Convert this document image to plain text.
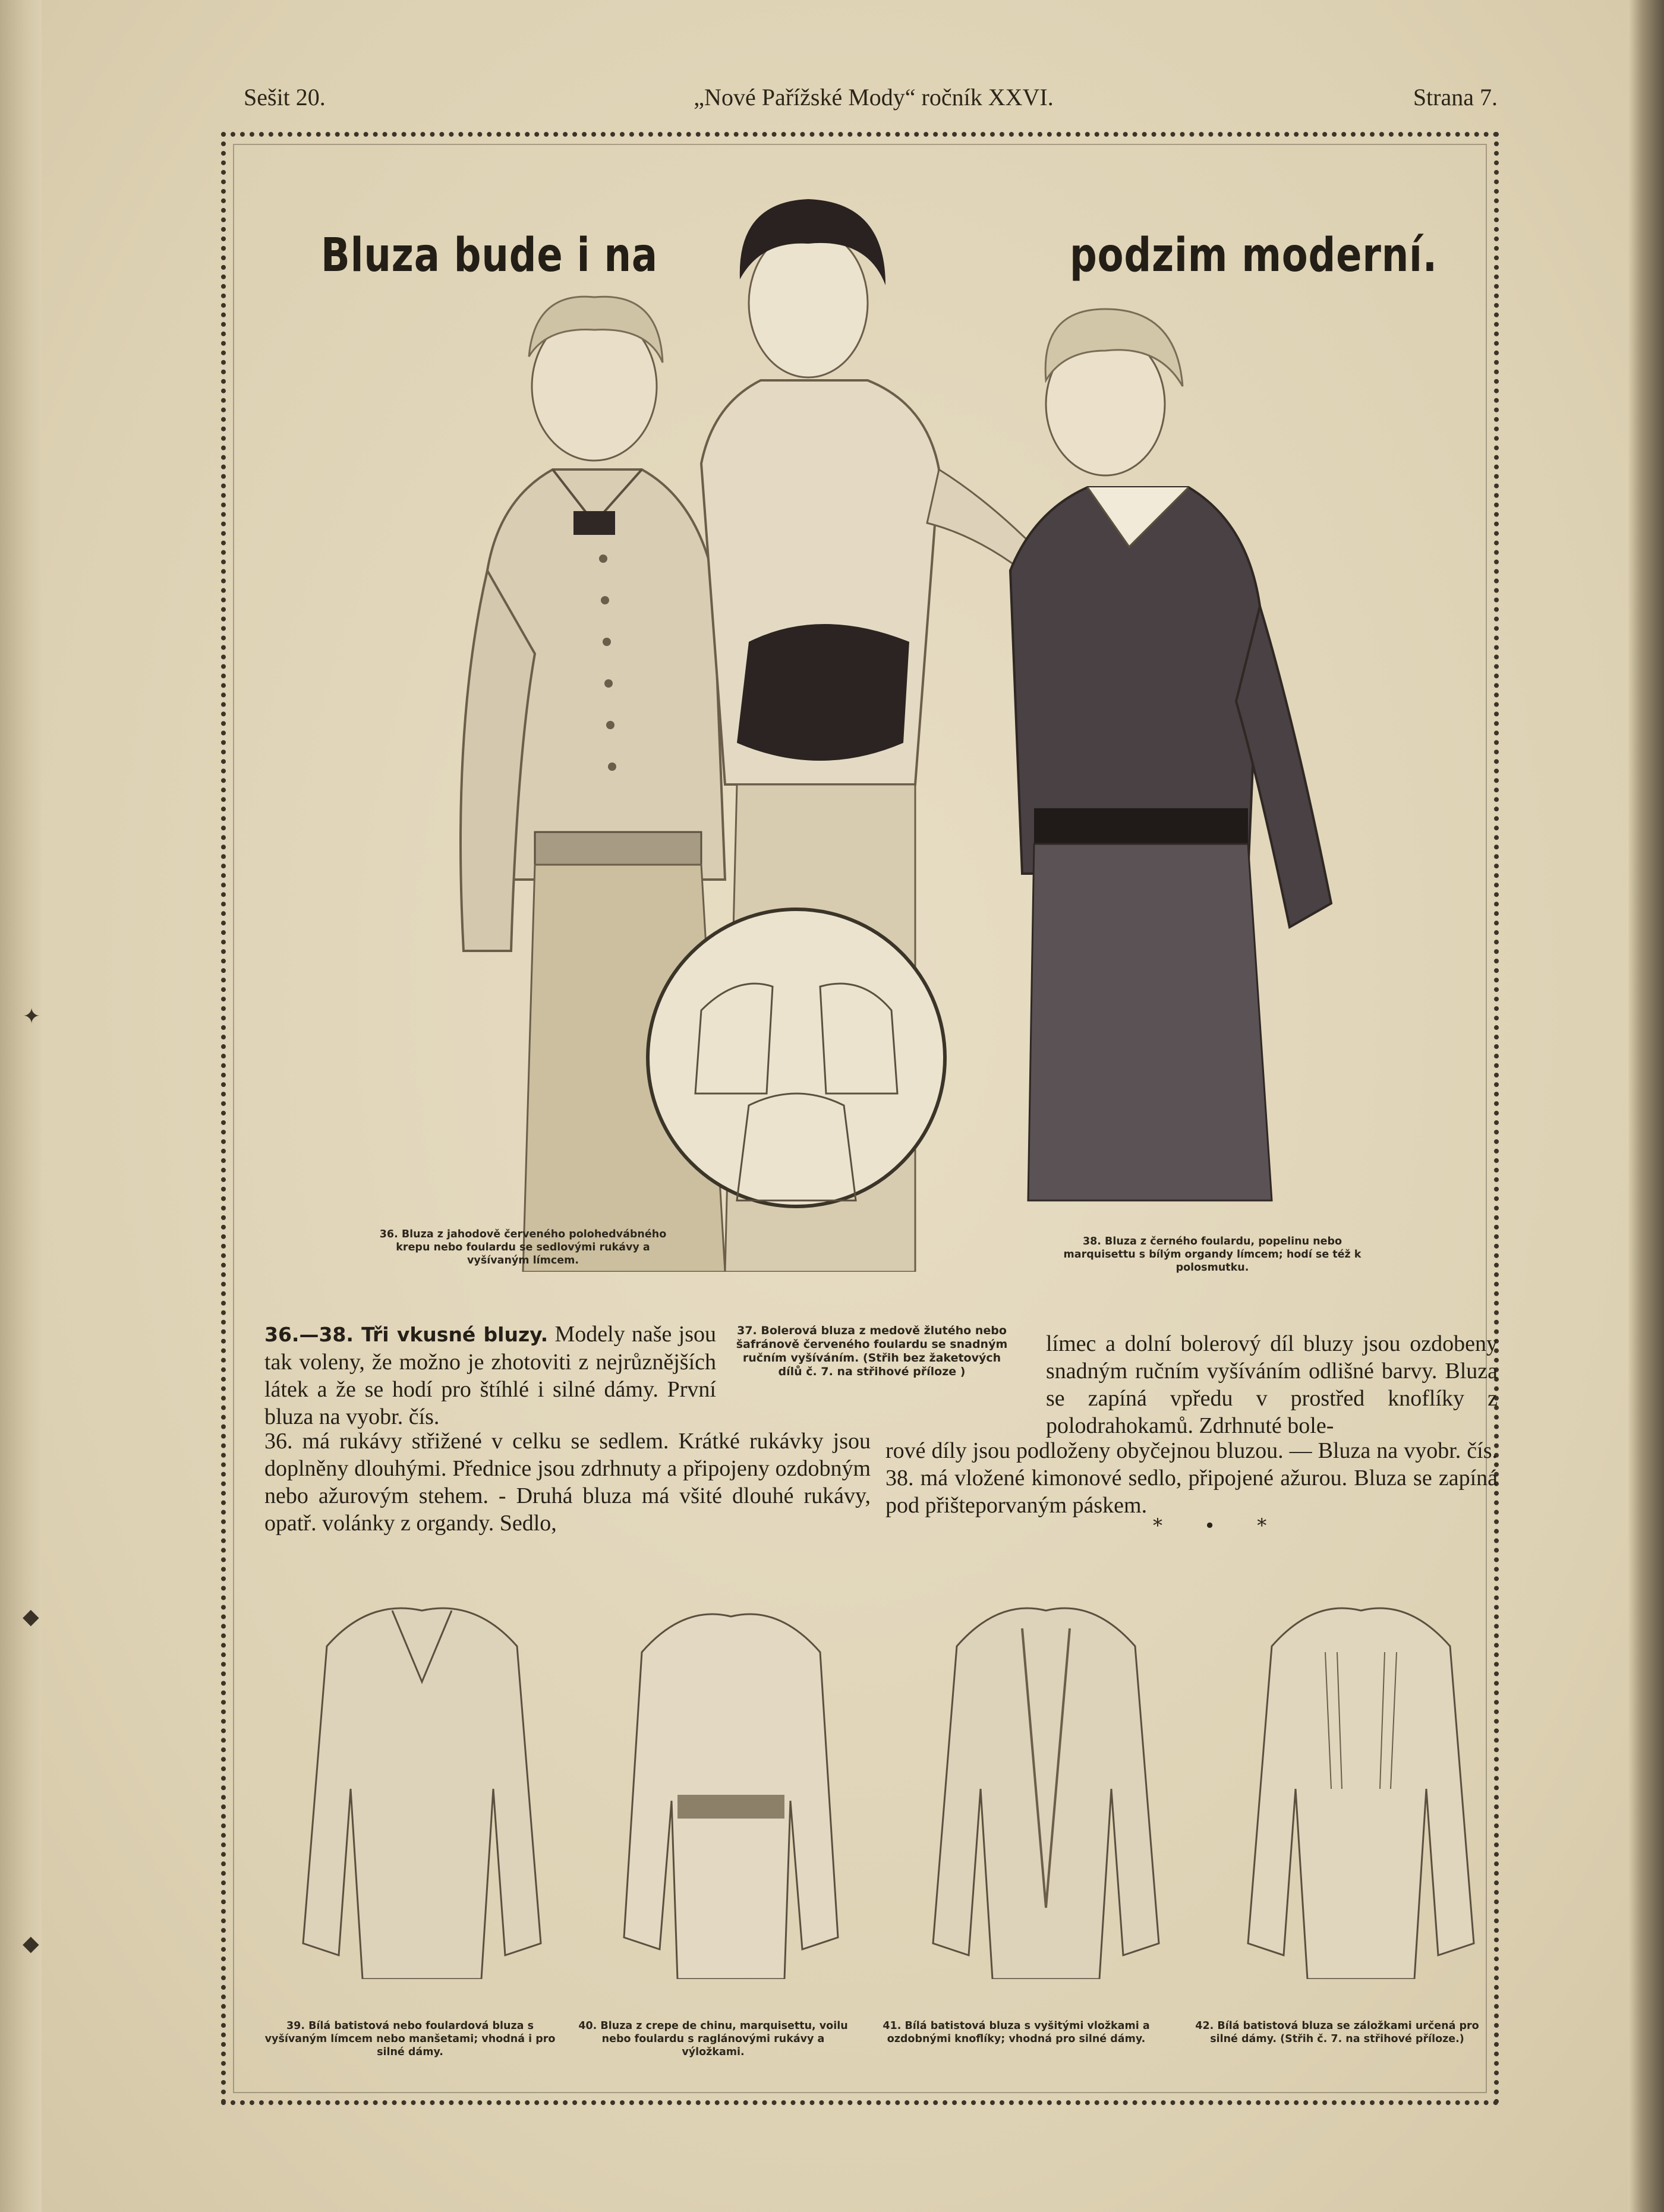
Sešit 20.	„Nové Pařížské Mody“ ročník XXVI.	Strana 7.
Bluza bude i na	podzim moderní.
36. Bluza z jahodově červeného polohedvábného krepu nebo foulardu se sedlovými rukávy a vyšívaným límcem.
38. Bluza z černého foulardu, popelinu nebo marquisettu s bílým organdy límcem; hodí se též k polosmutku.
37. Bolerová bluza z medově žlutého nebo šafránově červeného foulardu se snadným ručním vyšíváním. (Střih bez žaketových dílů č. 7. na střihové příloze )

36.—38. Tři vkusné bluzy. Modely naše jsou tak voleny, že možno je zhotoviti z nejrůznějších látek a že se hodí pro štíhlé i silné dámy. První bluza na vyobr. čís.

límec a dolní bolerový díl bluzy jsou ozdobeny snadným ručním vyšíváním odlišné barvy. Bluza se zapíná vpředu v prostřed knoflíky z polodrahokamů. Zdrhnuté bole-

36. má rukávy střižené v celku se sedlem. Krátké rukávky jsou doplněny dlouhými. Přednice jsou zdrhnuty a připojeny ozdobným nebo ažurovým stehem. - Druhá bluza má všité dlouhé rukávy, opatř. volánky z organdy. Sedlo,

rové díly jsou podloženy obyčejnou bluzou. — Bluza na vyobr. čís. 38. má vložené kimonové sedlo, připojené ažurou. Bluza se zapíná pod přišteporvaným páskem.

* • *
39. Bílá batistová nebo foulardová bluza s vyšívaným límcem nebo manšetami; vhodná i pro silné dámy.
40. Bluza z crepe de chinu, marquisettu, voilu nebo foulardu s raglánovými rukávy a výložkami.
41. Bílá batistová bluza s vyšitými vložkami a ozdobnými knoflíky; vhodná pro silné dámy.
42. Bílá batistová bluza se záložkami určená pro silné dámy. (Střih č. 7. na střihové příloze.)
✦
◆
◆
